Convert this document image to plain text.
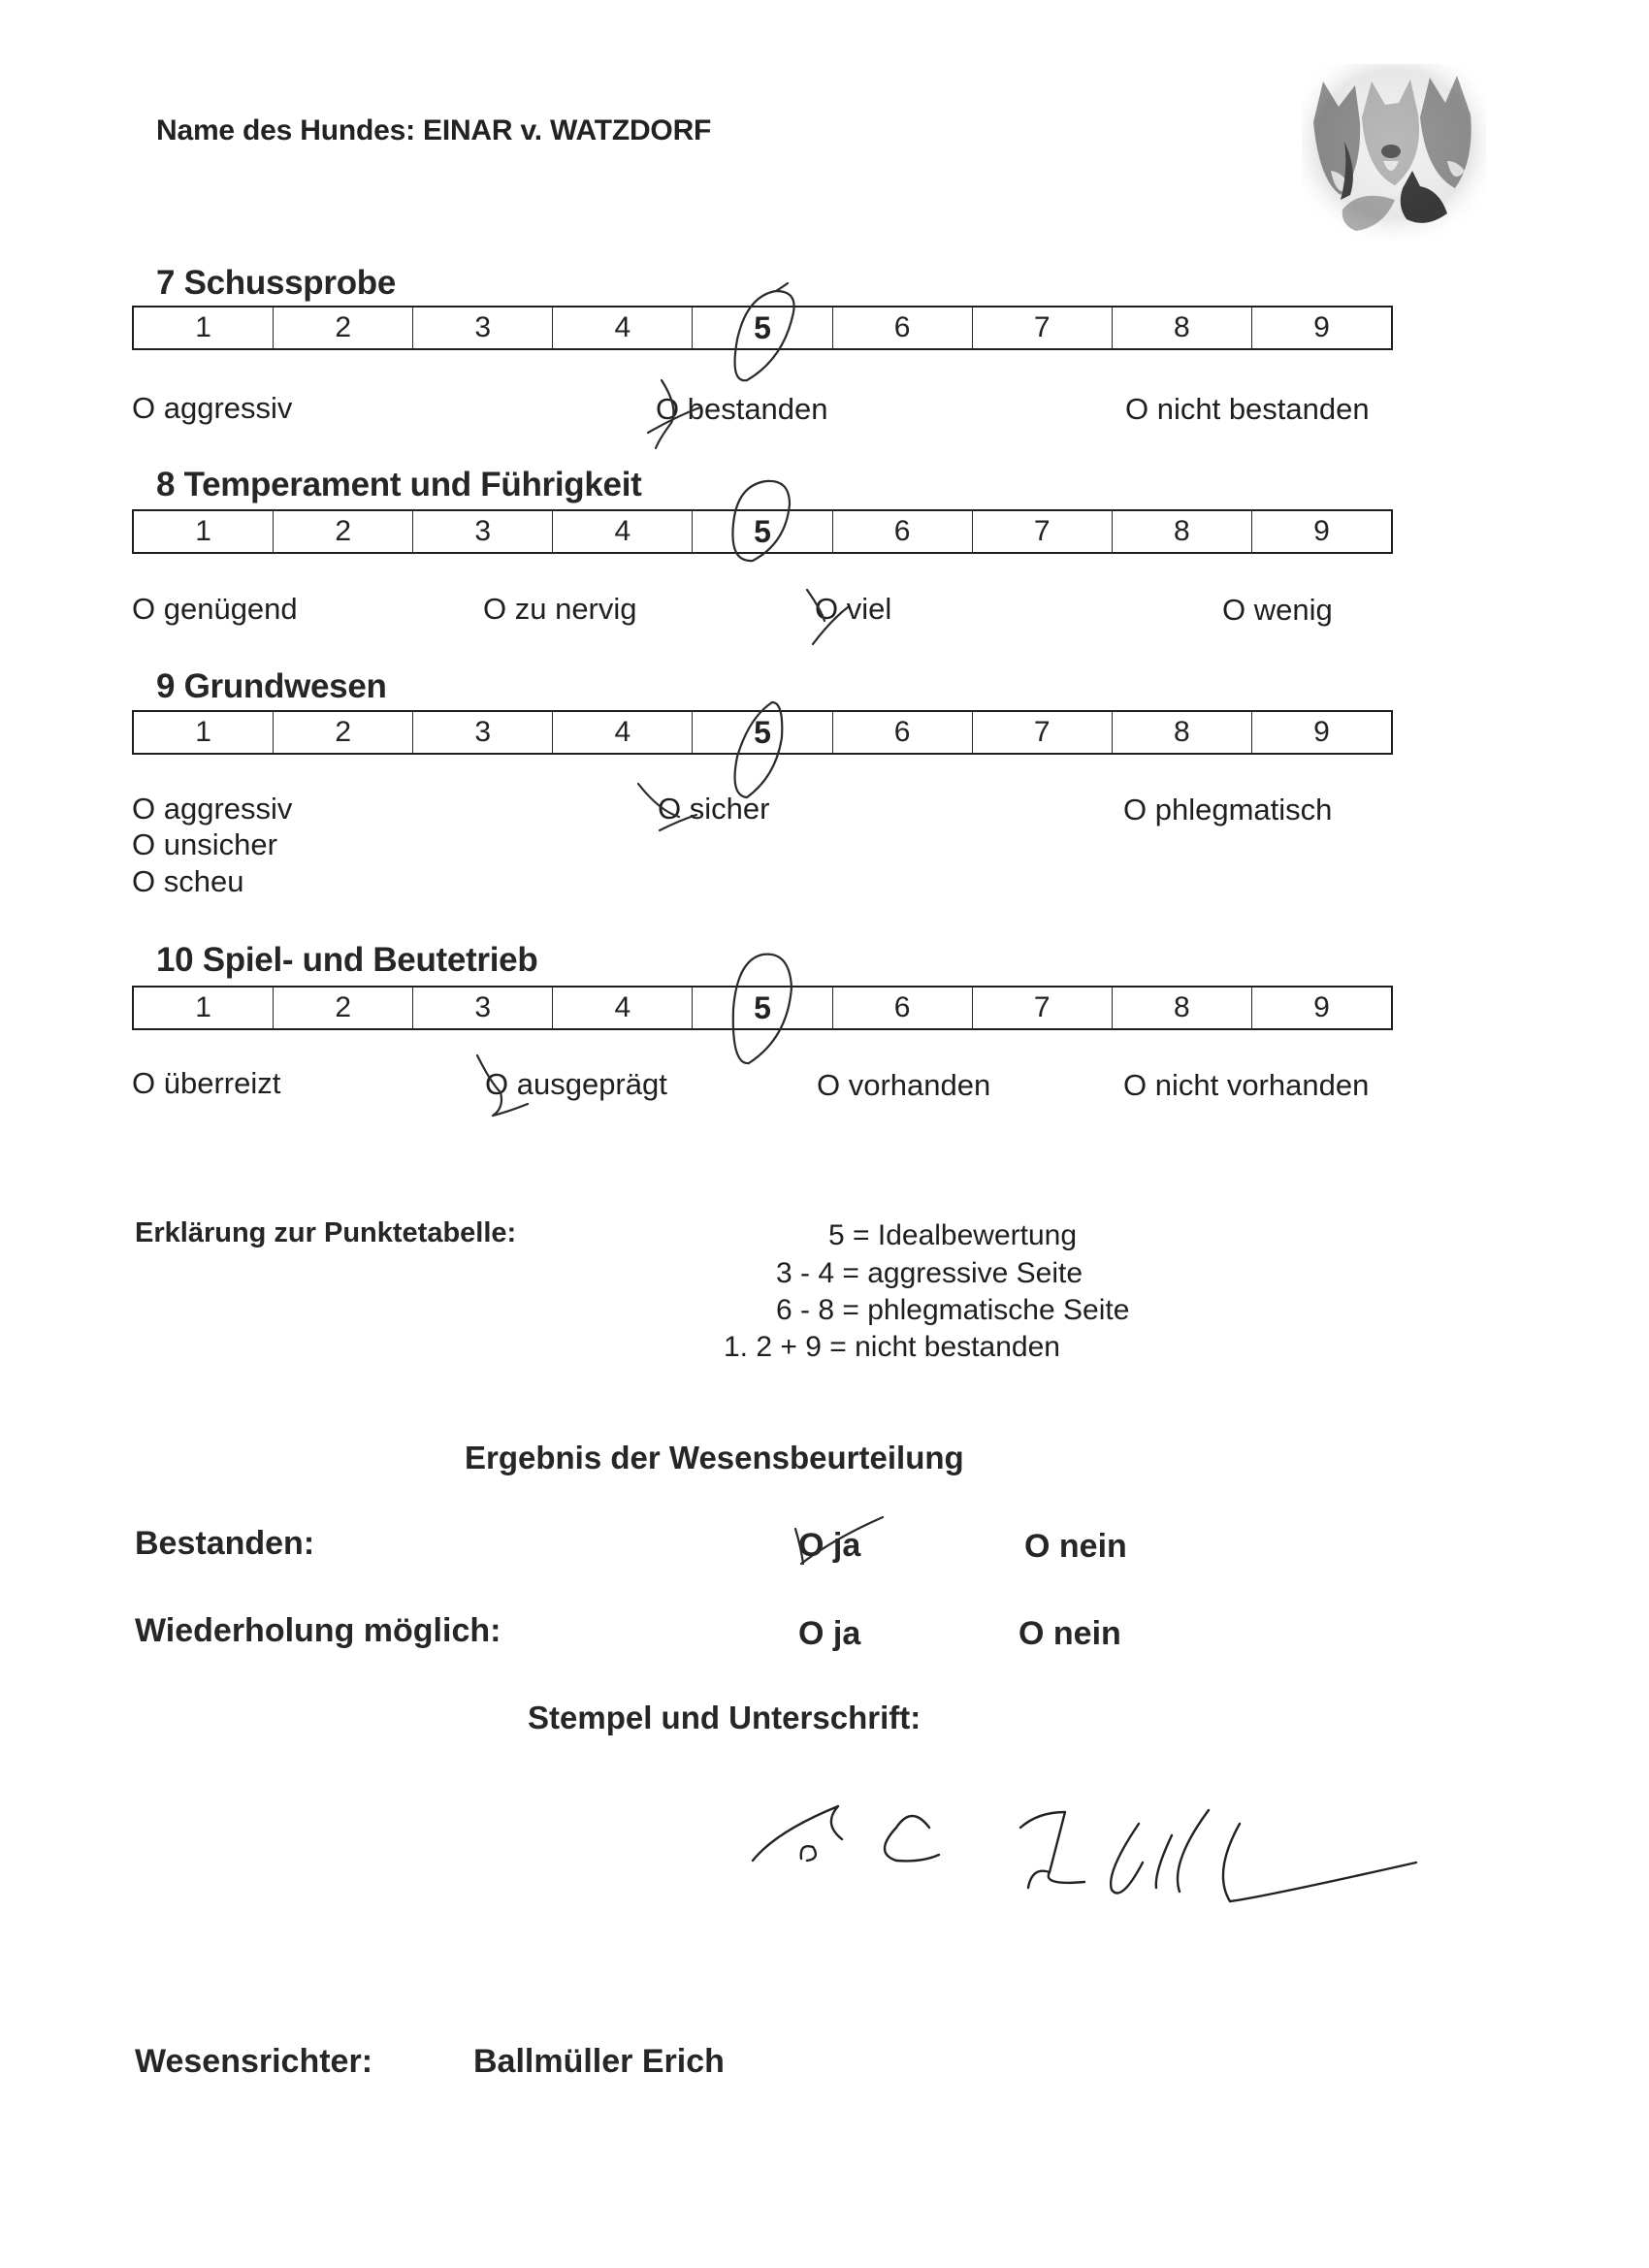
Name des Hundes: EINAR v. WATZDORF
7 Schussprobe
1	2	3	4	5	6	7	8	9
O aggressiv	O bestanden	O nicht bestanden
8 Temperament und Führigkeit
1	2	3	4	5	6	7	8	9
O genügend	O zu nervig	O viel	O wenig
9 Grundwesen
1	2	3	4	5	6	7	8	9
O aggressiv
O unsicher
O scheu
O sicher	O phlegmatisch
10 Spiel- und Beutetrieb
1	2	3	4	5	6	7	8	9
O überreizt	O ausgeprägt	O vorhanden	O nicht vorhanden
Erklärung zur Punktetabelle:	5 = Idealbewertung
3 - 4 = aggressive Seite
6 - 8 = phlegmatische Seite
1. 2 + 9 = nicht bestanden
Ergebnis der Wesensbeurteilung
Bestanden:	O ja	O nein
Wiederholung möglich:	O ja	O nein
Stempel und Unterschrift:
Wesensrichter:	Ballmüller Erich
